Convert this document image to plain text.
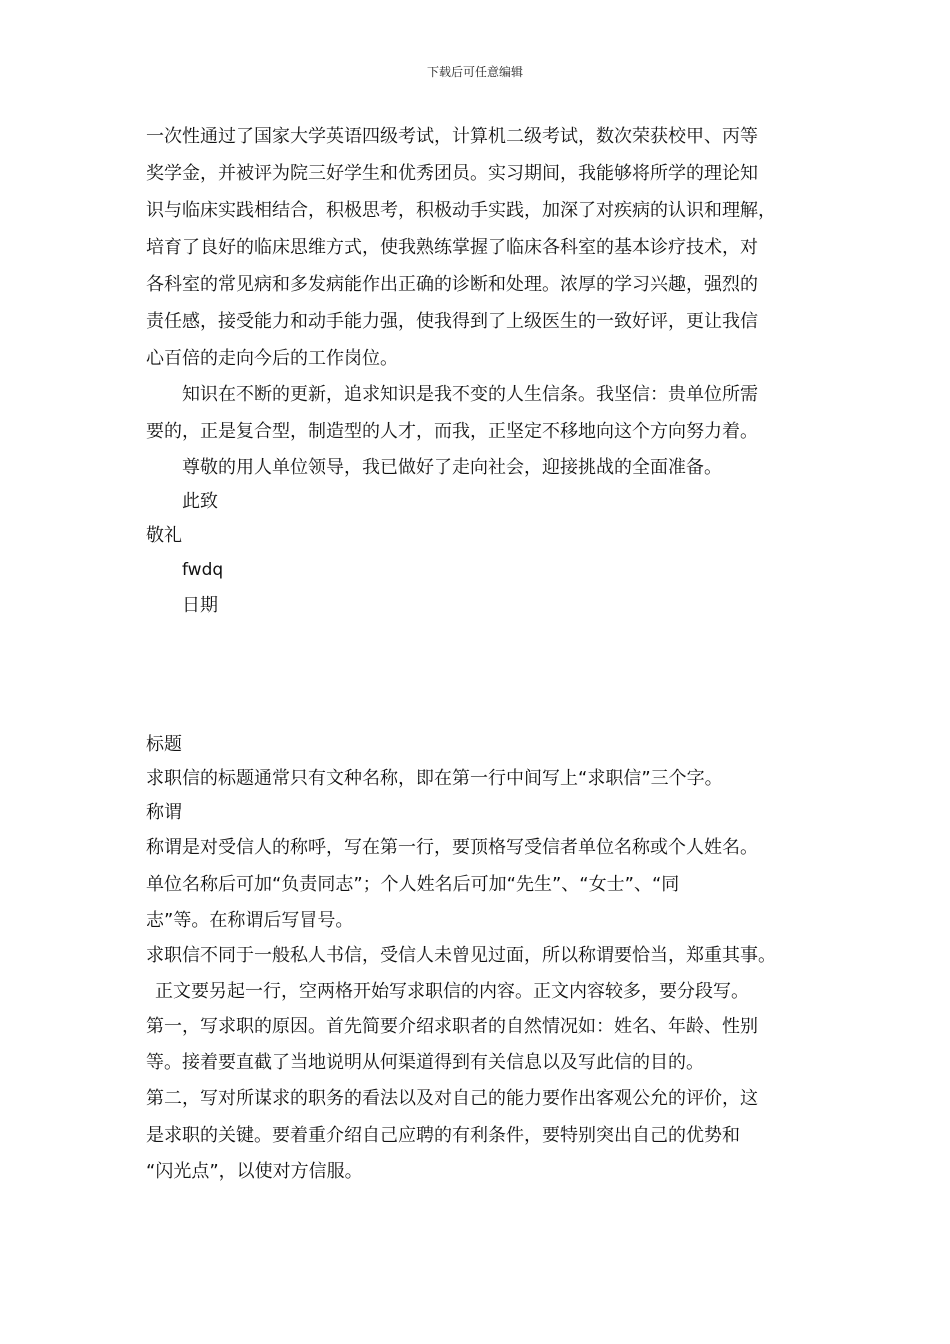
下载后可任意编辑
一次性通过了国家大学英语四级考试，计算机二级考试，数次荣获校甲、丙等
奖学金，并被评为院三好学生和优秀团员。实习期间，我能够将所学的理论知
识与临床实践相结合，积极思考，积极动手实践，加深了对疾病的认识和理解，
培育了良好的临床思维方式，使我熟练掌握了临床各科室的基本诊疗技术，对
各科室的常见病和多发病能作出正确的诊断和处理。浓厚的学习兴趣，强烈的
责任感，接受能力和动手能力强，使我得到了上级医生的一致好评，更让我信
心百倍的走向今后的工作岗位。
知识在不断的更新，追求知识是我不变的人生信条。我坚信：贵单位所需
要的，正是复合型，制造型的人才，而我，正坚定不移地向这个方向努力着。
尊敬的用人单位领导，我已做好了走向社会，迎接挑战的全面准备。
此致
敬礼
fwdq
日期
标题
求职信的标题通常只有文种名称，即在第一行中间写上“求职信”三个字。
称谓
称谓是对受信人的称呼，写在第一行，要顶格写受信者单位名称或个人姓名。
单位名称后可加“负责同志”；个人姓名后可加“先生”、“女士”、“同
志”等。在称谓后写冒号。
求职信不同于一般私人书信，受信人未曾见过面，所以称谓要恰当，郑重其事。
正文要另起一行，空两格开始写求职信的内容。正文内容较多，要分段写。
第一，写求职的原因。首先简要介绍求职者的自然情况如：姓名、年龄、性别
等。接着要直截了当地说明从何渠道得到有关信息以及写此信的目的。
第二，写对所谋求的职务的看法以及对自己的能力要作出客观公允的评价，这
是求职的关键。要着重介绍自己应聘的有利条件，要特别突出自己的优势和
“闪光点”，以使对方信服。
